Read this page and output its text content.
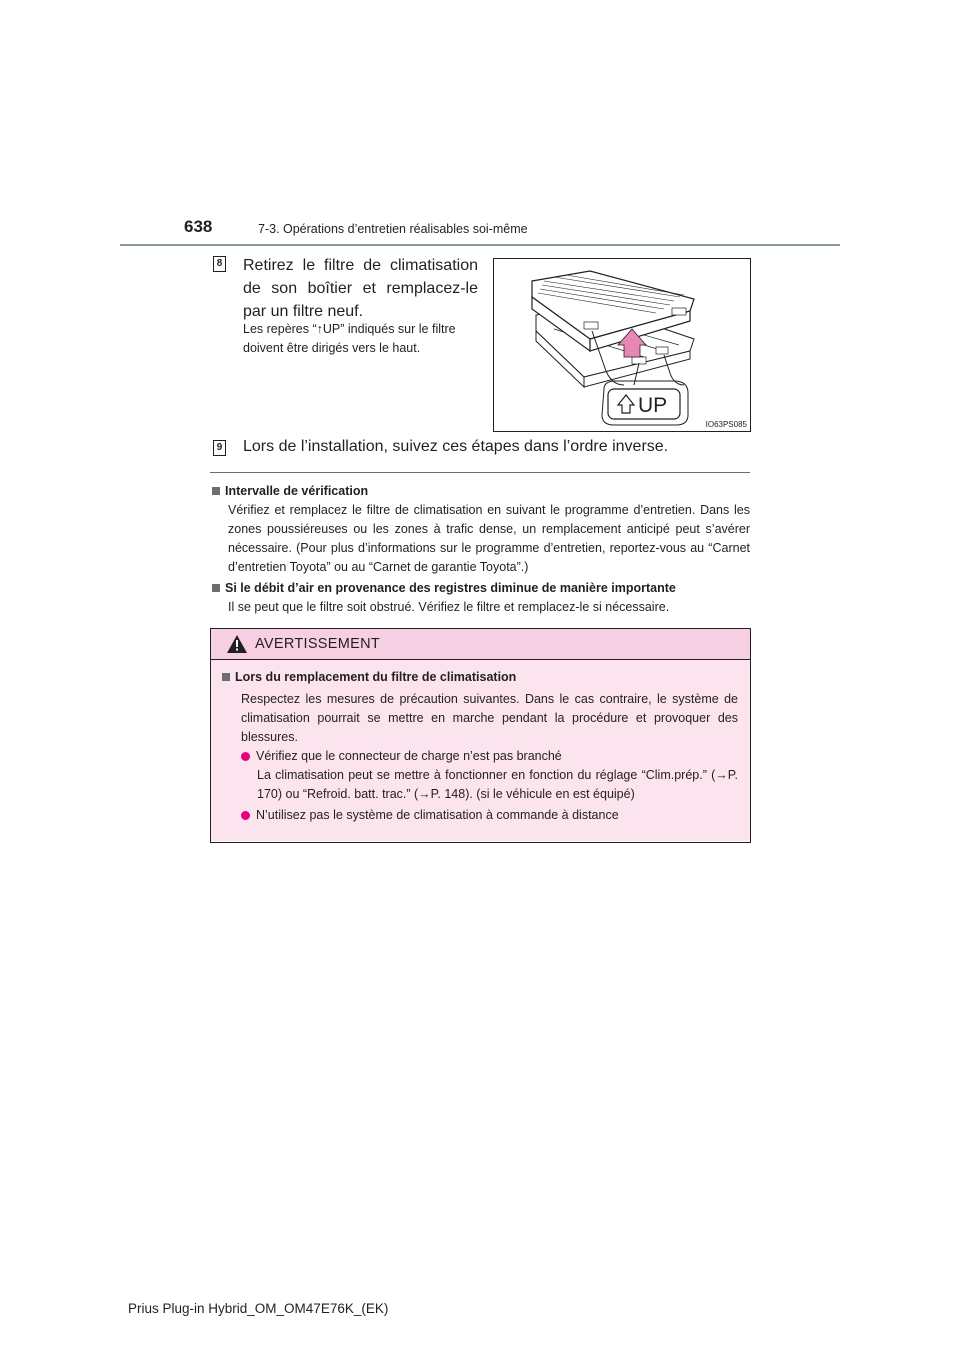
638	7-3. Opérations d’entretien réalisables soi-même
8 Retirez le filtre de climatisation de son boîtier et remplacez-le par un filtre neuf.
Les repères “↑UP” indiqués sur le filtre doivent être dirigés vers le haut.
UP
IO63PS085
9 Lors de l’installation, suivez ces étapes dans l’ordre inverse.
Intervalle de vérification

Vérifiez et remplacez le filtre de climatisation en suivant le programme d’entretien. Dans les zones poussiéreuses ou les zones à trafic dense, un remplacement anticipé peut s’avérer nécessaire. (Pour plus d’informations sur le programme d’entretien, reportez-vous au “Carnet d’entretien Toyota” ou au “Carnet de garantie Toyota”.)

Si le débit d’air en provenance des registres diminue de manière importante

Il se peut que le filtre soit obstrué. Vérifiez le filtre et remplacez-le si nécessaire.

AVERTISSEMENT
Lors du remplacement du filtre de climatisation
Respectez les mesures de précaution suivantes. Dans le cas contraire, le système de climatisation pourrait se mettre en marche pendant la procédure et provoquer des blessures.
Vérifiez que le connecteur de charge n’est pas branché
La climatisation peut se mettre à fonctionner en fonction du réglage “Clim.prép.” (→P. 170) ou “Refroid. batt. trac.” (→P. 148). (si le véhicule en est équipé)
N’utilisez pas le système de climatisation à commande à distance
Prius Plug-in Hybrid_OM_OM47E76K_(EK)
